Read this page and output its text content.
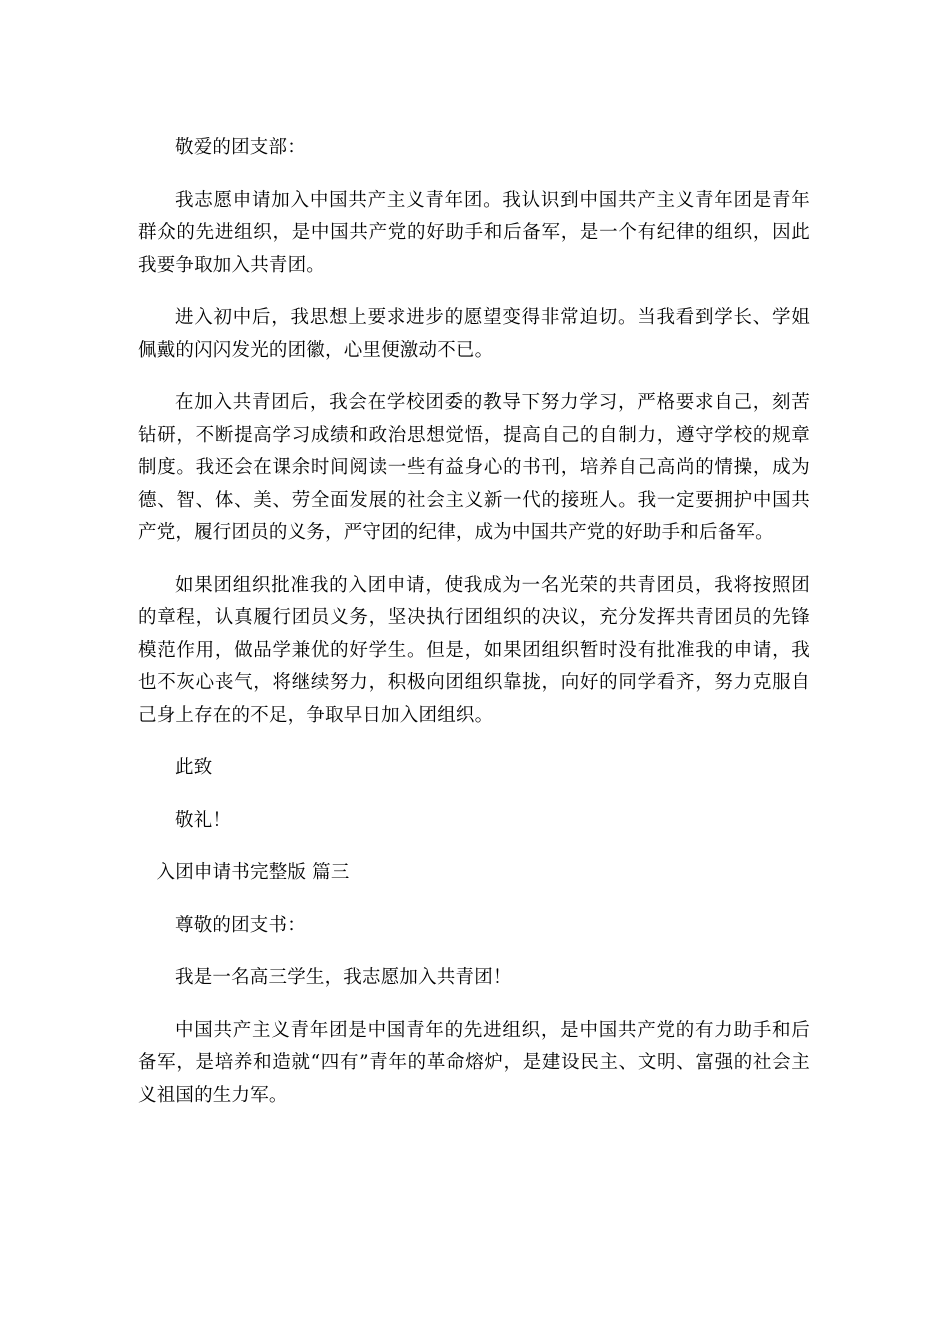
敬爱的团支部：

我志愿申请加入中国共产主义青年团。我认识到中国共产主义青年团是青年群众的先进组织，是中国共产党的好助手和后备军，是一个有纪律的组织，因此我要争取加入共青团。

进入初中后，我思想上要求进步的愿望变得非常迫切。当我看到学长、学姐佩戴的闪闪发光的团徽，心里便激动不已。

在加入共青团后，我会在学校团委的教导下努力学习，严格要求自己，刻苦钻研，不断提高学习成绩和政治思想觉悟，提高自己的自制力，遵守学校的规章制度。我还会在课余时间阅读一些有益身心的书刊，培养自己高尚的情操，成为德、智、体、美、劳全面发展的社会主义新一代的接班人。我一定要拥护中国共产党，履行团员的义务，严守团的纪律，成为中国共产党的好助手和后备军。

如果团组织批准我的入团申请，使我成为一名光荣的共青团员，我将按照团的章程，认真履行团员义务，坚决执行团组织的决议，充分发挥共青团员的先锋模范作用，做品学兼优的好学生。但是，如果团组织暂时没有批准我的申请，我也不灰心丧气，将继续努力，积极向团组织靠拢，向好的同学看齐，努力克服自己身上存在的不足，争取早日加入团组织。

此致

敬礼！

入团申请书完整版 篇三

尊敬的团支书：

我是一名高三学生，我志愿加入共青团！

中国共产主义青年团是中国青年的先进组织，是中国共产党的有力助手和后备军，是培养和造就“四有”青年的革命熔炉，是建设民主、文明、富强的社会主义祖国的生力军。
